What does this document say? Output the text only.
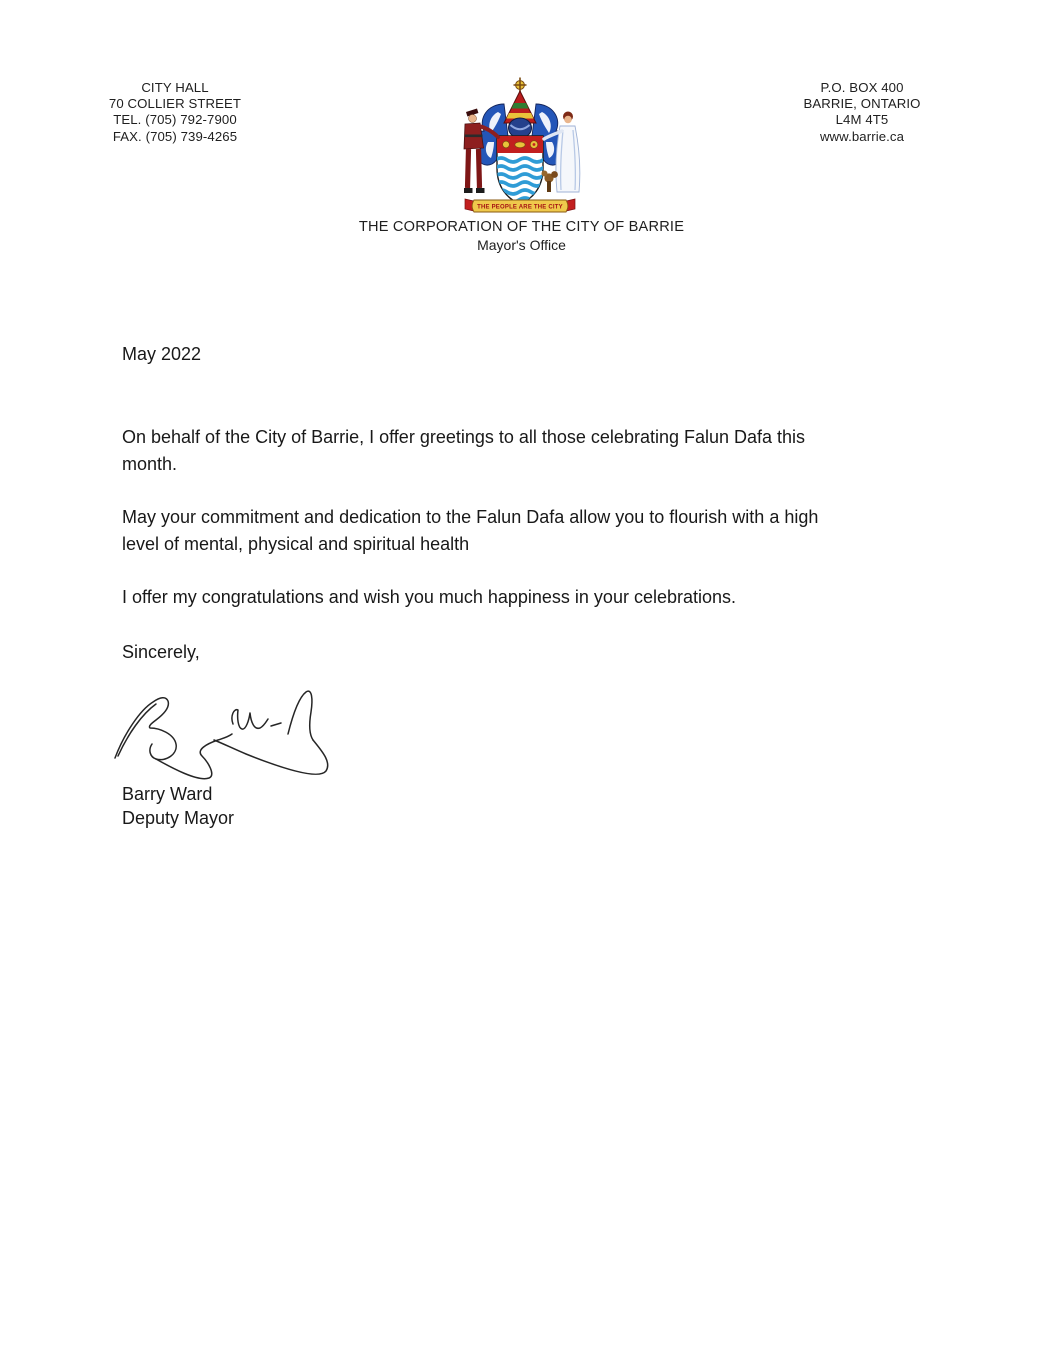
CITY HALL
70 COLLIER STREET
TEL. (705) 792-7900
FAX. (705) 739-4265
P.O. BOX 400
BARRIE, ONTARIO
L4M 4T5
www.barrie.ca
THE PEOPLE ARE THE CITY
THE CORPORATION OF THE CITY OF BARRIE
Mayor's Office
May 2022
On behalf of the City of Barrie, I offer greetings to all those celebrating Falun Dafa this
month.
May your commitment and dedication to the Falun Dafa allow you to flourish with a high
level of mental, physical and spiritual health
I offer my congratulations and wish you much happiness in your celebrations.
Sincerely,
Barry Ward
Deputy Mayor
